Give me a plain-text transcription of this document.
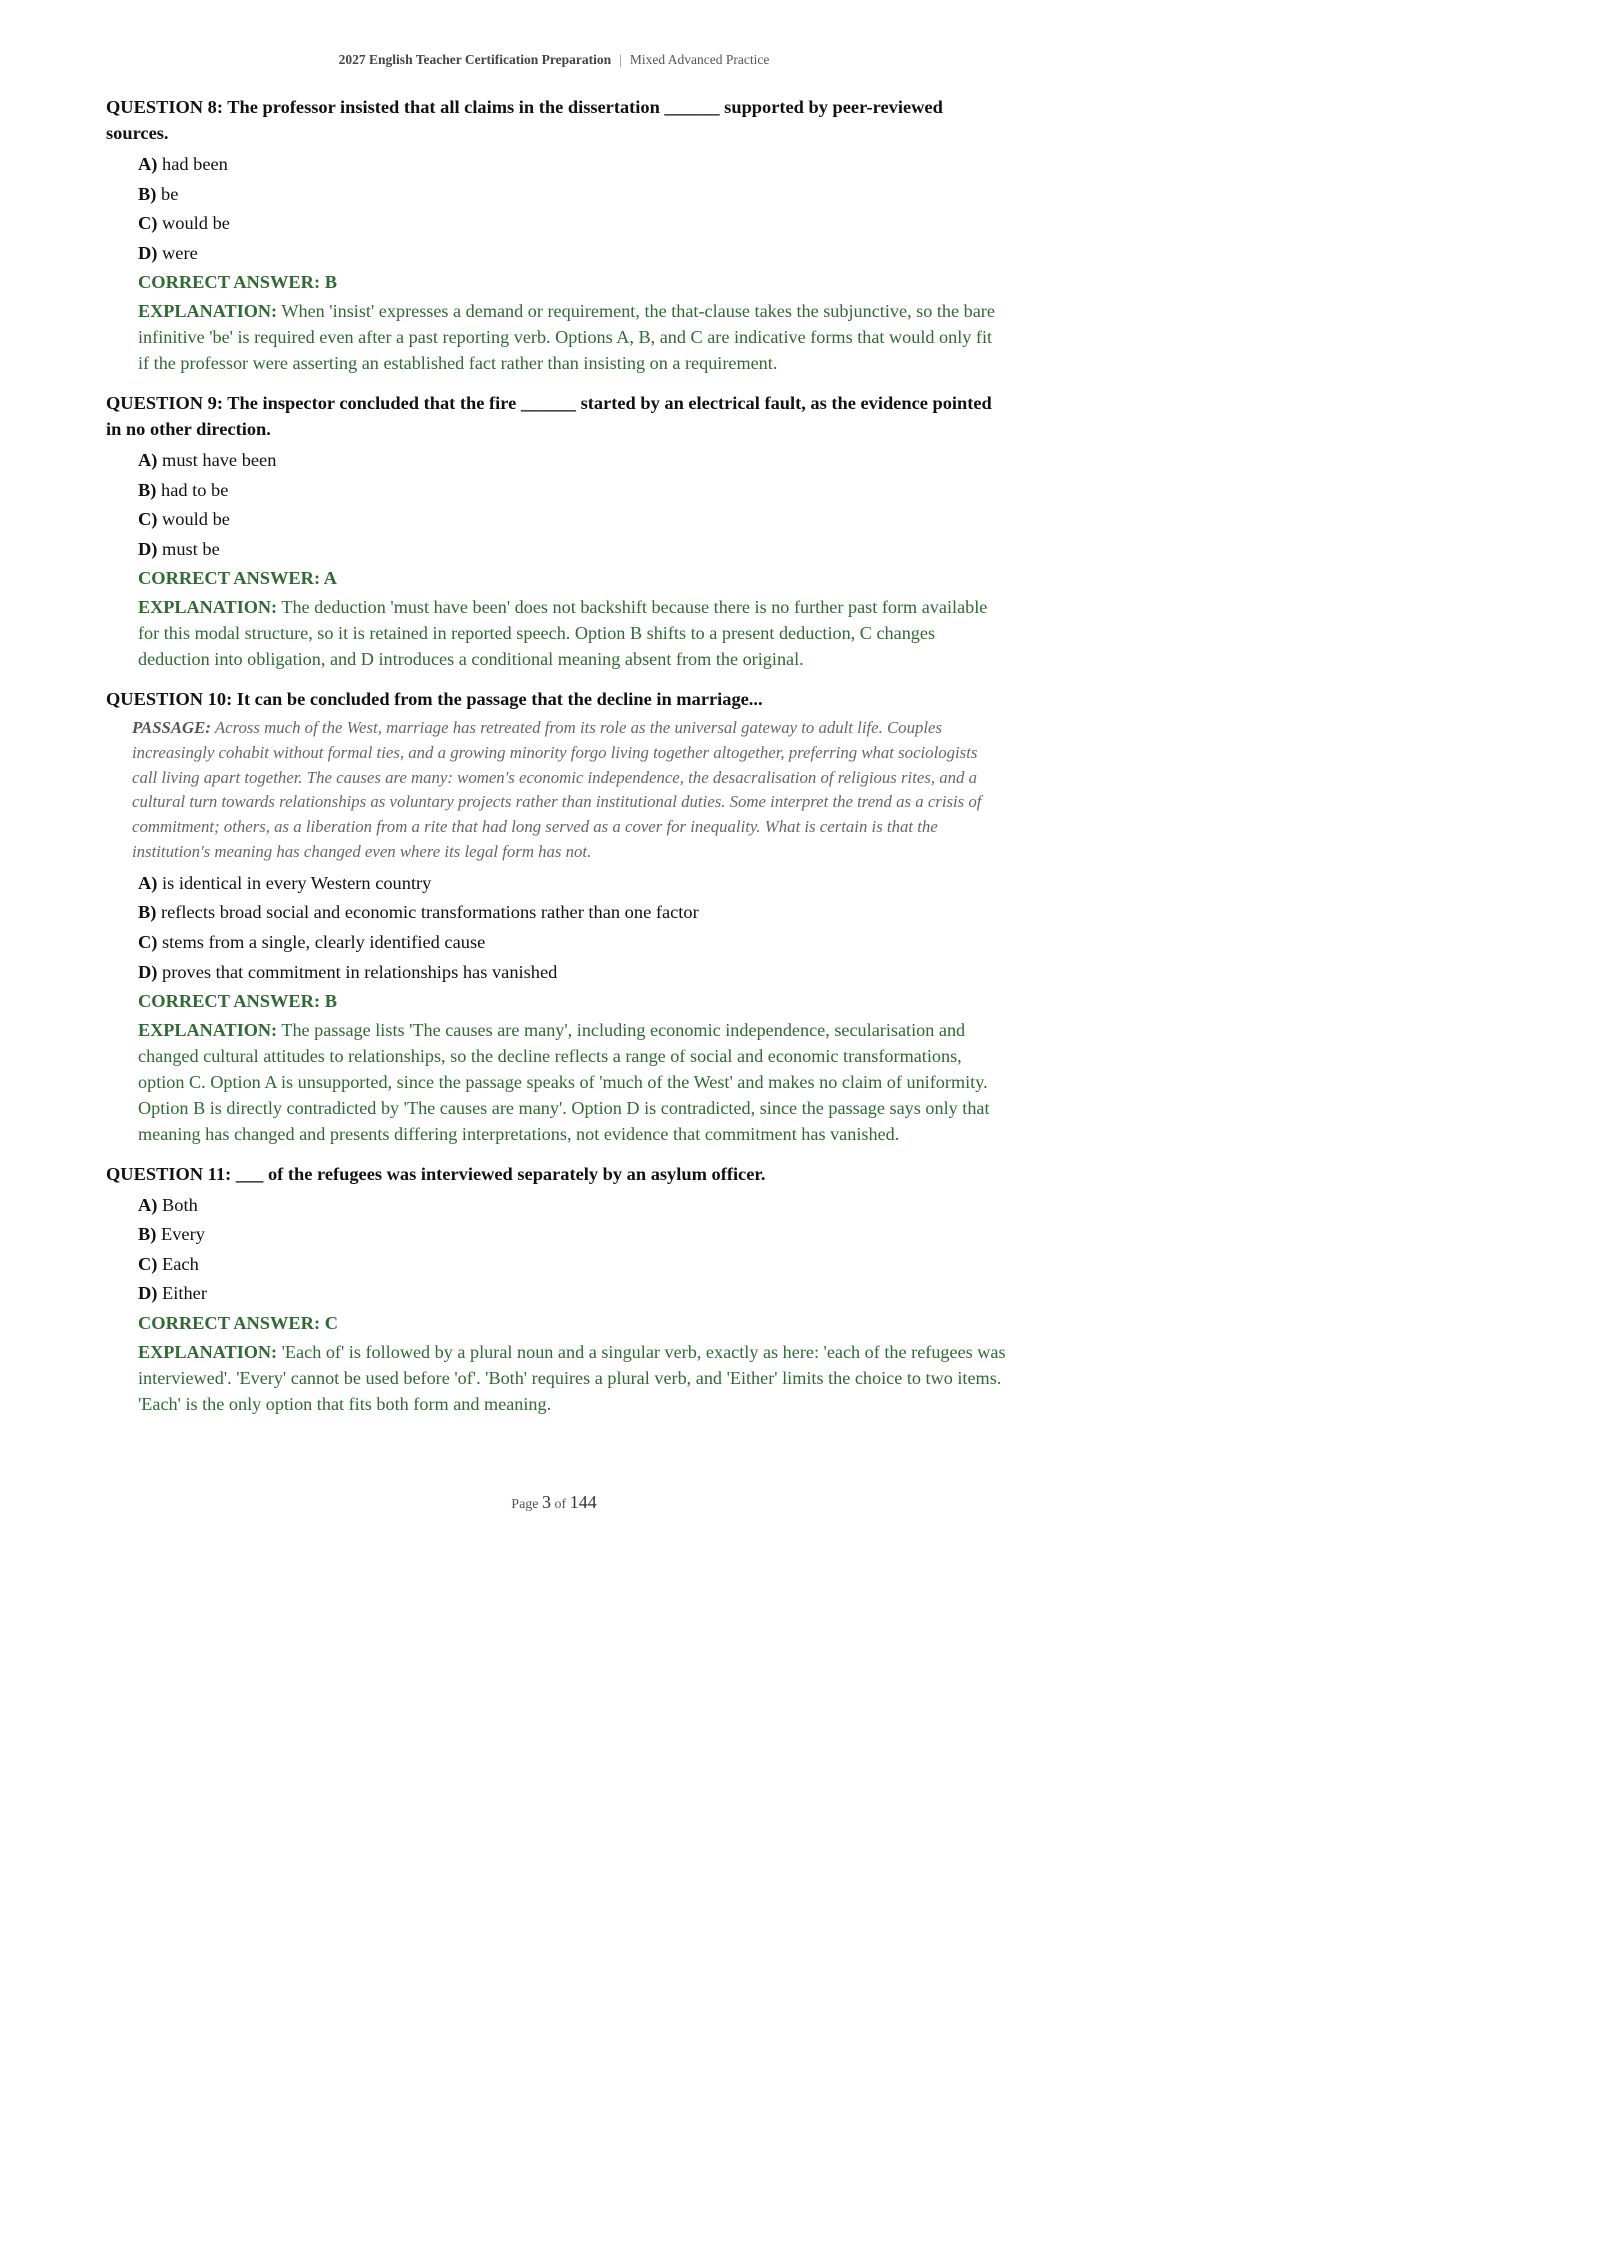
2027 English Teacher Certification Preparation | Mixed Advanced Practice
QUESTION 8: The professor insisted that all claims in the dissertation ______ supported by peer-reviewed sources.
A) had been
B) be
C) would be
D) were
CORRECT ANSWER: B
EXPLANATION: When 'insist' expresses a demand or requirement, the that-clause takes the subjunctive, so the bare infinitive 'be' is required even after a past reporting verb. Options A, B, and C are indicative forms that would only fit if the professor were asserting an established fact rather than insisting on a requirement.
QUESTION 9: The inspector concluded that the fire ______ started by an electrical fault, as the evidence pointed in no other direction.
A) must have been
B) had to be
C) would be
D) must be
CORRECT ANSWER: A
EXPLANATION: The deduction 'must have been' does not backshift because there is no further past form available for this modal structure, so it is retained in reported speech. Option B shifts to a present deduction, C changes deduction into obligation, and D introduces a conditional meaning absent from the original.
QUESTION 10: It can be concluded from the passage that the decline in marriage...
PASSAGE: Across much of the West, marriage has retreated from its role as the universal gateway to adult life. Couples increasingly cohabit without formal ties, and a growing minority forgo living together altogether, preferring what sociologists call living apart together. The causes are many: women's economic independence, the desacralisation of religious rites, and a cultural turn towards relationships as voluntary projects rather than institutional duties. Some interpret the trend as a crisis of commitment; others, as a liberation from a rite that had long served as a cover for inequality. What is certain is that the institution's meaning has changed even where its legal form has not.
A) is identical in every Western country
B) reflects broad social and economic transformations rather than one factor
C) stems from a single, clearly identified cause
D) proves that commitment in relationships has vanished
CORRECT ANSWER: B
EXPLANATION: The passage lists 'The causes are many', including economic independence, secularisation and changed cultural attitudes to relationships, so the decline reflects a range of social and economic transformations, option C. Option A is unsupported, since the passage speaks of 'much of the West' and makes no claim of uniformity. Option B is directly contradicted by 'The causes are many'. Option D is contradicted, since the passage says only that meaning has changed and presents differing interpretations, not evidence that commitment has vanished.
QUESTION 11: ___ of the refugees was interviewed separately by an asylum officer.
A) Both
B) Every
C) Each
D) Either
CORRECT ANSWER: C
EXPLANATION: 'Each of' is followed by a plural noun and a singular verb, exactly as here: 'each of the refugees was interviewed'. 'Every' cannot be used before 'of'. 'Both' requires a plural verb, and 'Either' limits the choice to two items. 'Each' is the only option that fits both form and meaning.
Page 3 of 144
